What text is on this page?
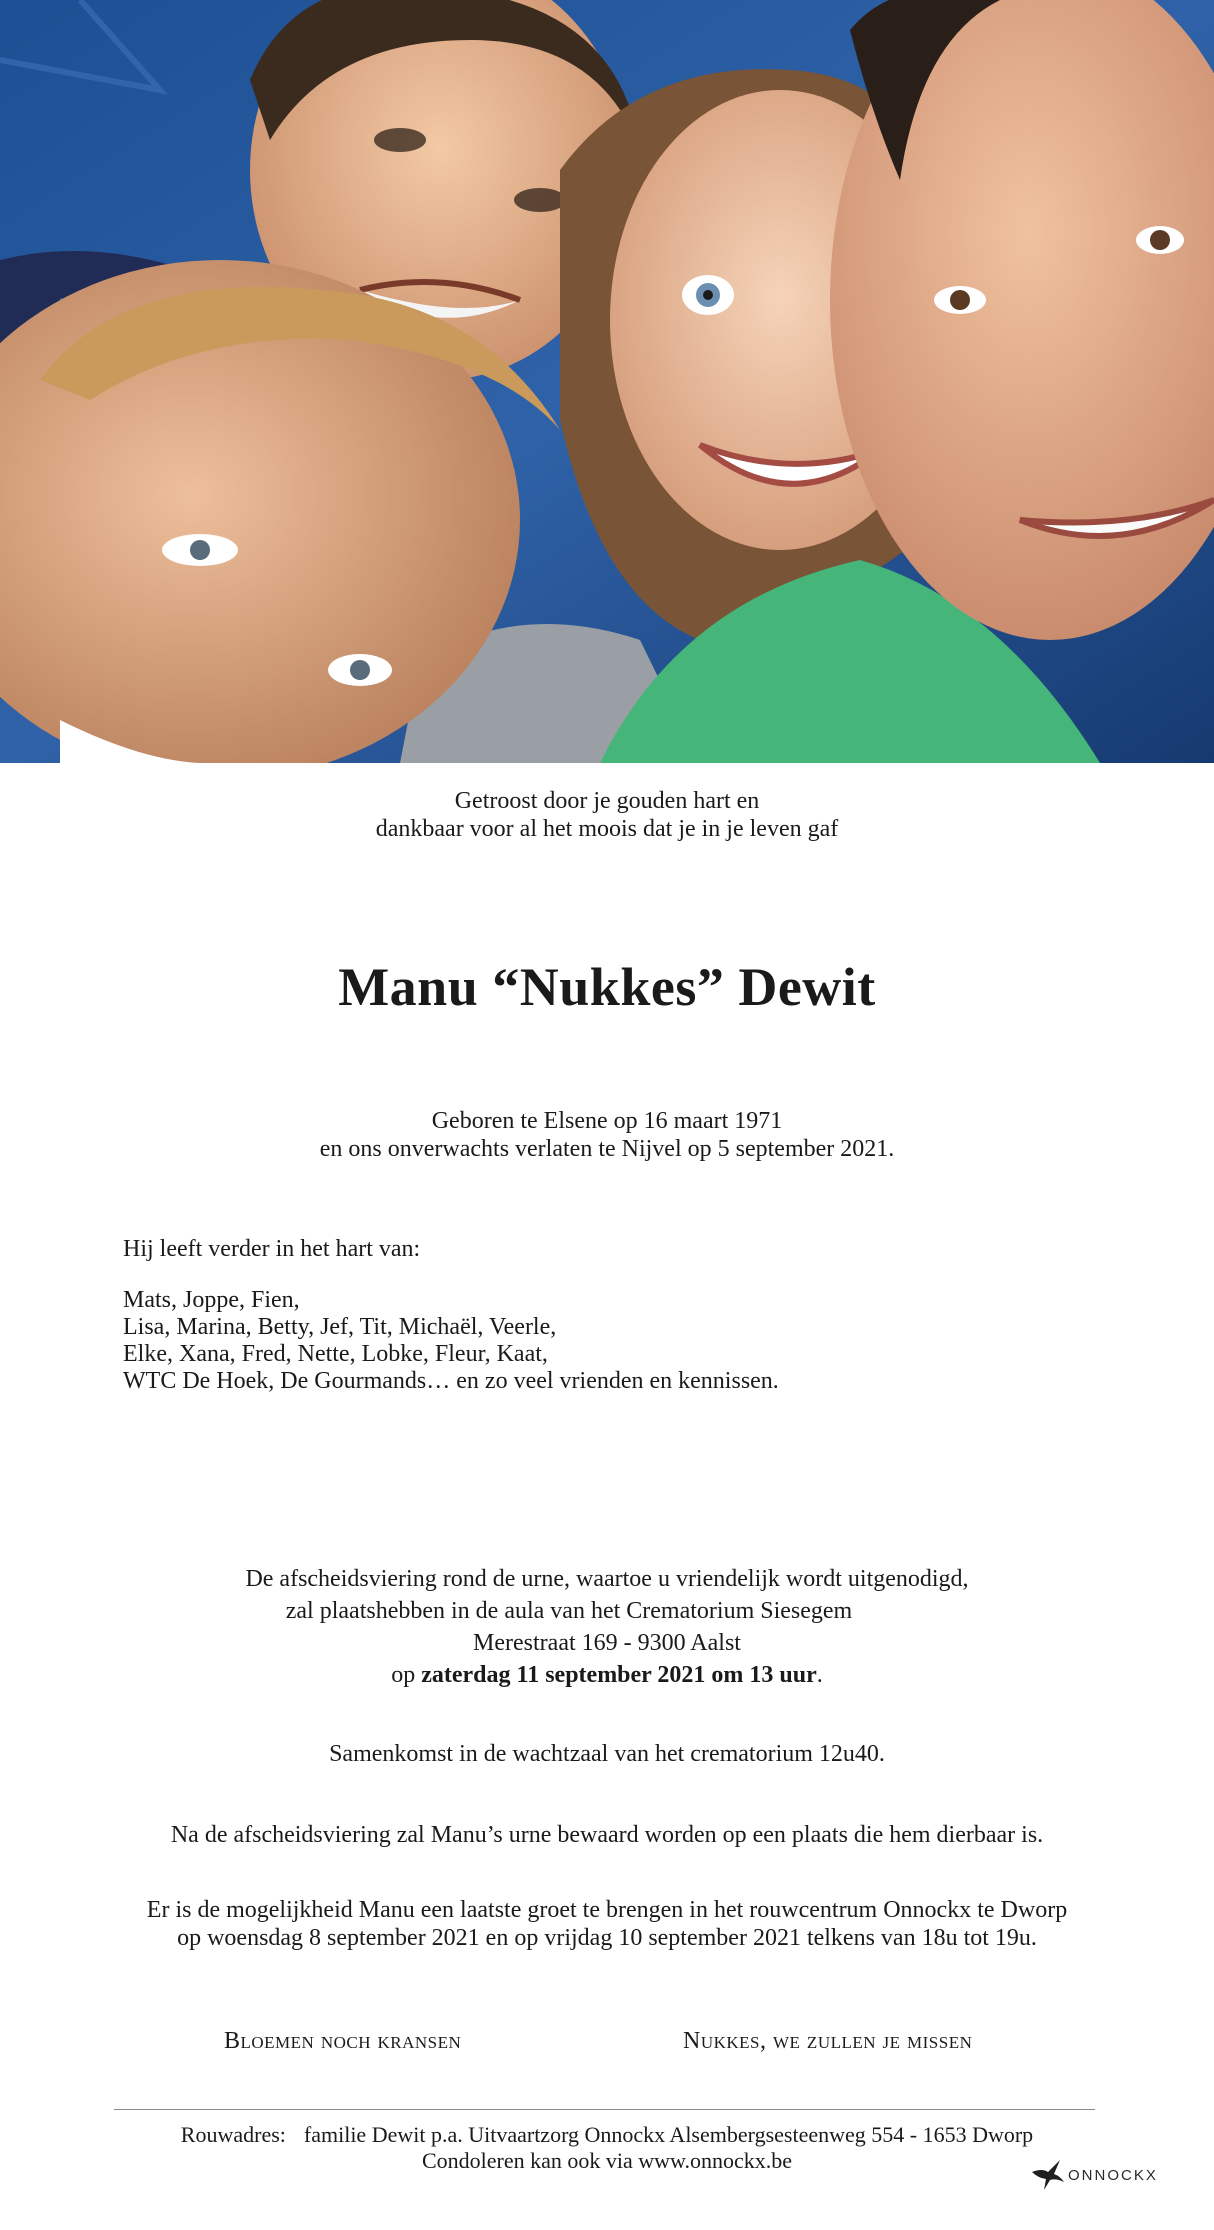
Getroost door je gouden hart en
dankbaar voor al het moois dat je in je leven gaf
Manu “Nukkes” Dewit
Geboren te Elsene op 16 maart 1971
en ons onverwachts verlaten te Nijvel op 5 september 2021.
Hij leeft verder in het hart van:
Mats, Joppe, Fien,
Lisa, Marina, Betty, Jef, Tit, Michaël, Veerle,
Elke, Xana, Fred, Nette, Lobke, Fleur, Kaat,
WTC De Hoek, De Gourmands… en zo veel vrienden en kennissen.
De afscheidsviering rond de urne, waartoe u vriendelijk wordt uitgenodigd,
zal plaatshebben in de aula van het Crematorium Siesegem
Merestraat 169 - 9300 Aalst
op zaterdag 11 september 2021 om 13 uur.
Samenkomst in de wachtzaal van het crematorium 12u40.
Na de afscheidsviering zal Manu’s urne bewaard worden op een plaats die hem dierbaar is.
Er is de mogelijkheid Manu een laatste groet te brengen in het rouwcentrum Onnockx te Dworp
op woensdag 8 september 2021 en op vrijdag 10 september 2021 telkens van 18u tot 19u.
Bloemen noch kransen	Nukkes, we zullen je missen
Rouwadres: familie Dewit p.a. Uitvaartzorg Onnockx Alsembergsesteenweg 554 - 1653 Dworp
Condoleren kan ook via www.onnockx.be
ONNOCKX
